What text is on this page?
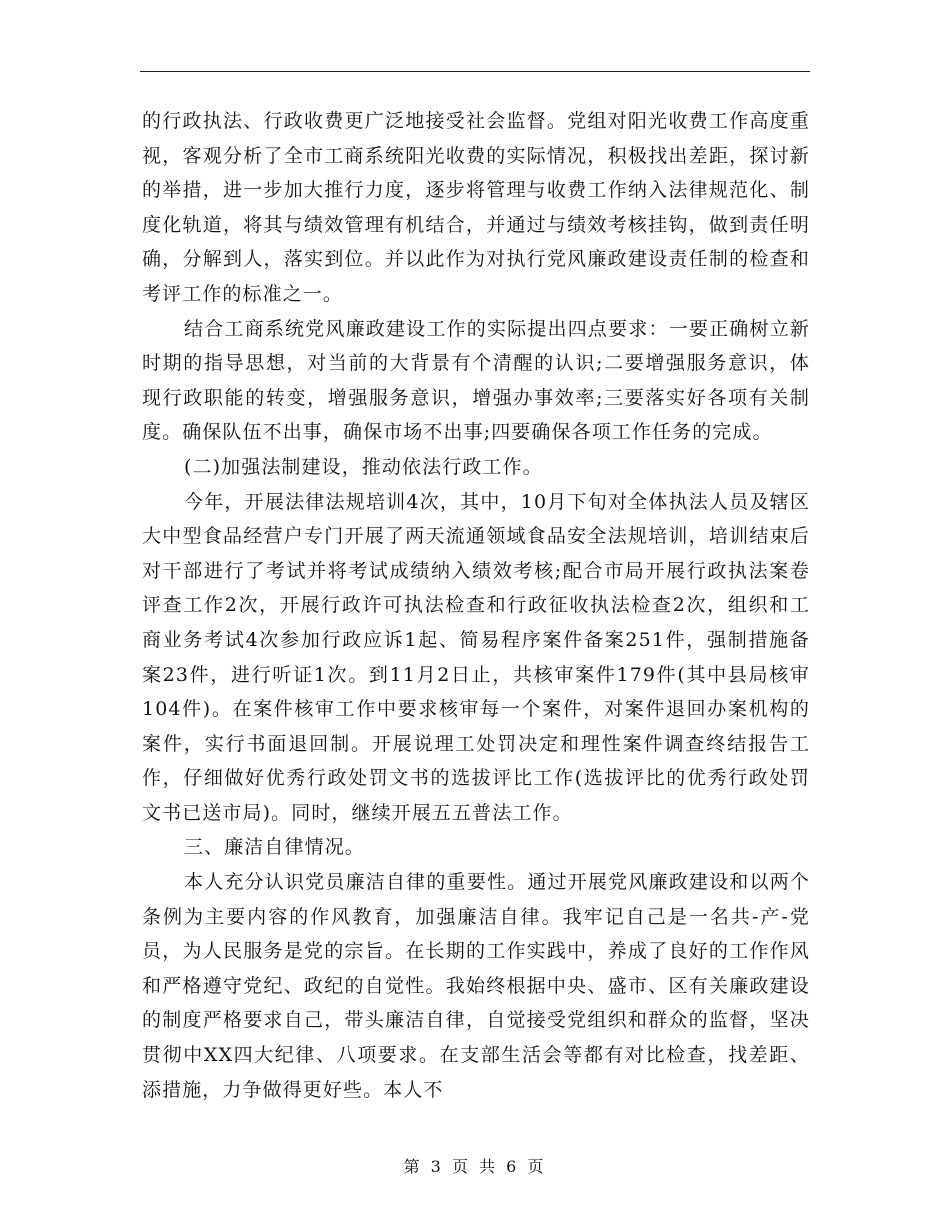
的行政执法、行政收费更广泛地接受社会监督。党组对阳光收费工作高度重视，客观分析了全市工商系统阳光收费的实际情况，积极找出差距，探讨新的举措，进一步加大推行力度，逐步将管理与收费工作纳入法律规范化、制度化轨道，将其与绩效管理有机结合，并通过与绩效考核挂钩，做到责任明确，分解到人，落实到位。并以此作为对执行党风廉政建设责任制的检查和考评工作的标准之一。

结合工商系统党风廉政建设工作的实际提出四点要求：一要正确树立新时期的指导思想，对当前的大背景有个清醒的认识;二要增强服务意识，体现行政职能的转变，增强服务意识，增强办事效率;三要落实好各项有关制度。确保队伍不出事，确保市场不出事;四要确保各项工作任务的完成。

(二)加强法制建设，推动依法行政工作。

今年，开展法律法规培训4次，其中，10月下旬对全体执法人员及辖区大中型食品经营户专门开展了两天流通领域食品安全法规培训，培训结束后对干部进行了考试并将考试成绩纳入绩效考核;配合市局开展行政执法案卷评查工作2次，开展行政许可执法检查和行政征收执法检查2次，组织和工商业务考试4次参加行政应诉1起、简易程序案件备案251件，强制措施备案23件，进行听证1次。到11月2日止，共核审案件179件(其中县局核审104件)。在案件核审工作中要求核审每一个案件，对案件退回办案机构的案件，实行书面退回制。开展说理工处罚决定和理性案件调查终结报告工作，仔细做好优秀行政处罚文书的选拔评比工作(选拔评比的优秀行政处罚文书已送市局)。同时，继续开展五五普法工作。

三、廉洁自律情况。

本人充分认识党员廉洁自律的重要性。通过开展党风廉政建设和以两个条例为主要内容的作风教育，加强廉洁自律。我牢记自己是一名共-产-党员，为人民服务是党的宗旨。在长期的工作实践中，养成了良好的工作作风和严格遵守党纪、政纪的自觉性。我始终根据中央、盛市、区有关廉政建设的制度严格要求自己，带头廉洁自律，自觉接受党组织和群众的监督，坚决贯彻中XX四大纪律、八项要求。在支部生活会等都有对比检查，找差距、添措施，力争做得更好些。本人不

第 3 页 共 6 页
